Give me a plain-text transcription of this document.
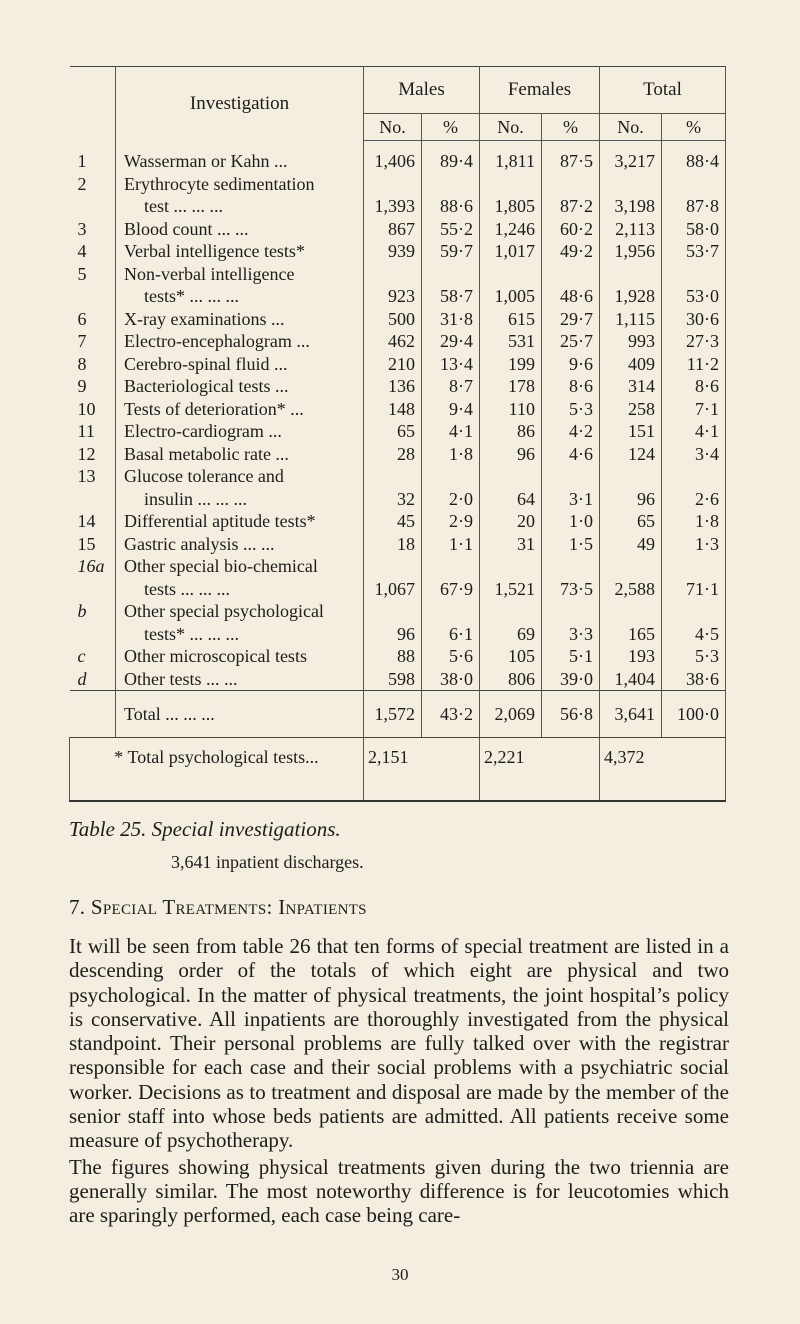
	Investigation	Males		Females		Total	
		No.	%	No.	%	No.	%
1	Wasserman or Kahn ...	1,406	89·4	1,811	87·5	3,217	88·4
2	Erythrocyte sedimentation
test ... ... ...	1,393	88·6	1,805	87·2	3,198	87·8
3	Blood count ... ...	867	55·2	1,246	60·2	2,113	58·0
4	Verbal intelligence tests*	939	59·7	1,017	49·2	1,956	53·7
5	Non-verbal intelligence
tests* ... ... ...	923	58·7	1,005	48·6	1,928	53·0
6	X-ray examinations ...	500	31·8	615	29·7	1,115	30·6
7	Electro-encephalogram ...	462	29·4	531	25·7	993	27·3
8	Cerebro-spinal fluid ...	210	13·4	199	9·6	409	11·2
9	Bacteriological tests ...	136	8·7	178	8·6	314	8·6
10	Tests of deterioration* ...	148	9·4	110	5·3	258	7·1
11	Electro-cardiogram ...	65	4·1	86	4·2	151	4·1
12	Basal metabolic rate ...	28	1·8	96	4·6	124	3·4
13	Glucose tolerance and
insulin ... ... ...	32	2·0	64	3·1	96	2·6
14	Differential aptitude tests*	45	2·9	20	1·0	65	1·8
15	Gastric analysis ... ...	18	1·1	31	1·5	49	1·3
16a	Other special bio-chemical
tests ... ... ...	1,067	67·9	1,521	73·5	2,588	71·1
b	Other special psychological
tests* ... ... ...	96	6·1	69	3·3	165	4·5
c	Other microscopical tests	88	5·6	105	5·1	193	5·3
d	Other tests ... ...	598	38·0	806	39·0	1,404	38·6
	Total ... ... ...	1,572	43·2	2,069	56·8	3,641	100·0
* Total psychological tests...		2,151		2,221		4,372	
Table 25. Special investigations.
3,641 inpatient discharges.
7. Special Treatments: Inpatients

It will be seen from table 26 that ten forms of special treatment are listed in a descending order of the totals of which eight are physical and two psychological. In the matter of physical treatments, the joint hospital’s policy is conservative. All inpatients are thoroughly investigated from the physical standpoint. Their personal problems are fully talked over with the registrar responsible for each case and their social problems with a psychiatric social worker. Decisions as to treatment and disposal are made by the member of the senior staff into whose beds patients are admitted. All patients receive some measure of psychotherapy.

The figures showing physical treatments given during the two triennia are generally similar. The most noteworthy difference is for leucotomies which are sparingly performed, each case being care-

30
